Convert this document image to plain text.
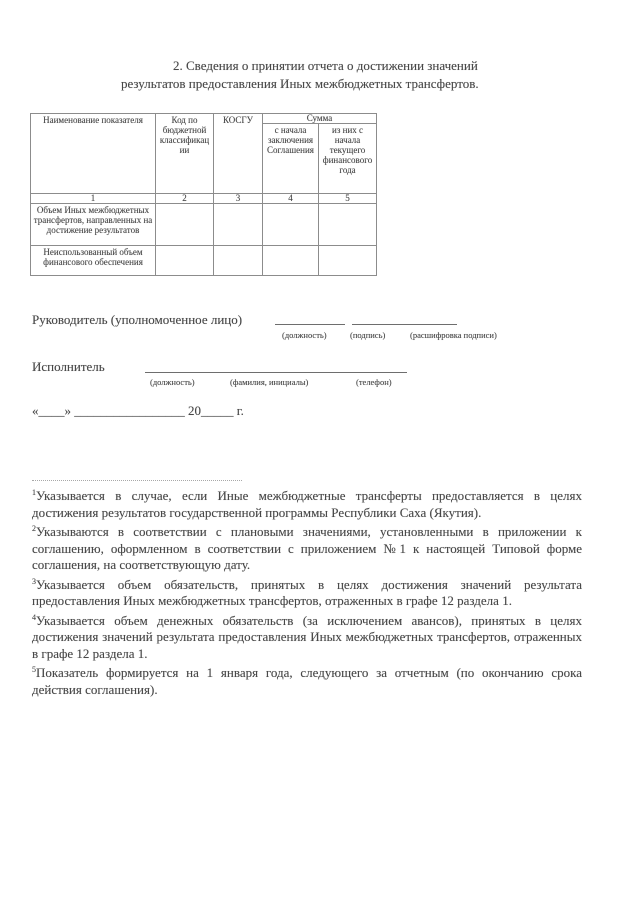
2. Сведения о принятии отчета о достижении значений
результатов предоставления Иных межбюджетных трансфертов.
Наименование показателя	Код по бюджетной классификации	КОСГУ	Сумма	
			с начала заключения Соглашения	из них с начала текущего финансового года
1	2	3	4	5
Объем Иных межбюджетных трансфертов, направленных на достижение результатов				
Неиспользованный объем финансового обеспечения				
Руководитель (уполномоченное лицо)
(должность)	(подпись)	(расшифровка подписи)
Исполнитель
(должность)	(фамилия, инициалы)	(телефон)
«____» _________________ 20_____ г.

$^1$Указывается в случае, если Иные межбюджетные трансферты предоставляется в целях достижения результатов государственной программы Республики Саха (Якутия).

$^2$Указываются в соответствии с плановыми значениями, установленными в приложении к соглашению, оформленном в соответствии с приложением №1 к настоящей Типовой форме соглашения, на соответствующую дату.

$^3$Указывается объем обязательств, принятых в целях достижения значений результата предоставления Иных межбюджетных трансфертов, отраженных в графе 12 раздела 1.

$^4$Указывается объем денежных обязательств (за исключением авансов), принятых в целях достижения значений результата предоставления Иных межбюджетных трансфертов, отраженных в графе 12 раздела 1.

$^5$Показатель формируется на 1 января года, следующего за отчетным (по окончанию срока действия соглашения).
